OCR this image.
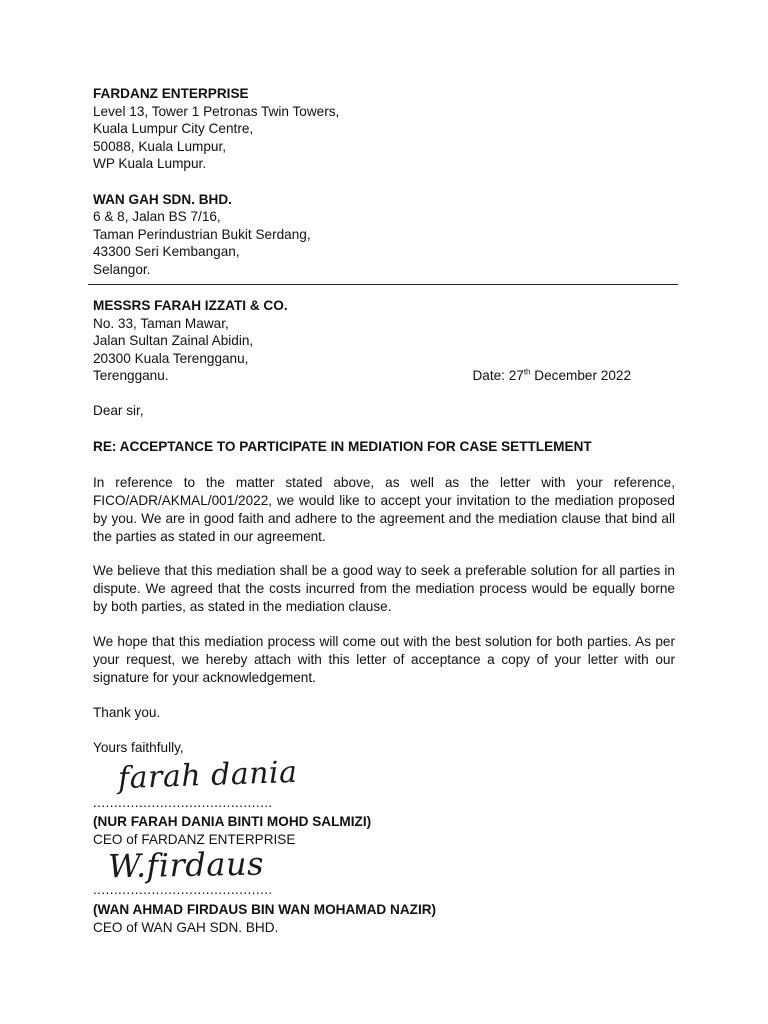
FARDANZ ENTERPRISE
Level 13, Tower 1 Petronas Twin Towers,
Kuala Lumpur City Centre,
50088, Kuala Lumpur,
WP Kuala Lumpur.
WAN GAH SDN. BHD.
6 & 8, Jalan BS 7/16,
Taman Perindustrian Bukit Serdang,
43300 Seri Kembangan,
Selangor.
MESSRS FARAH IZZATI & CO.
No. 33, Taman Mawar,
Jalan Sultan Zainal Abidin,
20300 Kuala Terengganu,
Terengganu.	Date: 27th December 2022
Dear sir,
RE: ACCEPTANCE TO PARTICIPATE IN MEDIATION FOR CASE SETTLEMENT
In reference to the matter stated above, as well as the letter with your reference, FICO/ADR/AKMAL/001/2022, we would like to accept your invitation to the mediation proposed by you. We are in good faith and adhere to the agreement and the mediation clause that bind all the parties as stated in our agreement.
We believe that this mediation shall be a good way to seek a preferable solution for all parties in dispute. We agreed that the costs incurred from the mediation process would be equally borne by both parties, as stated in the mediation clause.
We hope that this mediation process will come out with the best solution for both parties. As per your request, we hereby attach with this letter of acceptance a copy of your letter with our signature for your acknowledgement.
Thank you.
Yours faithfully,
farah dania
...........................................
(NUR FARAH DANIA BINTI MOHD SALMIZI)
CEO of FARDANZ ENTERPRISE
W.firdaus
...........................................
(WAN AHMAD FIRDAUS BIN WAN MOHAMAD NAZIR)
CEO of WAN GAH SDN. BHD.
